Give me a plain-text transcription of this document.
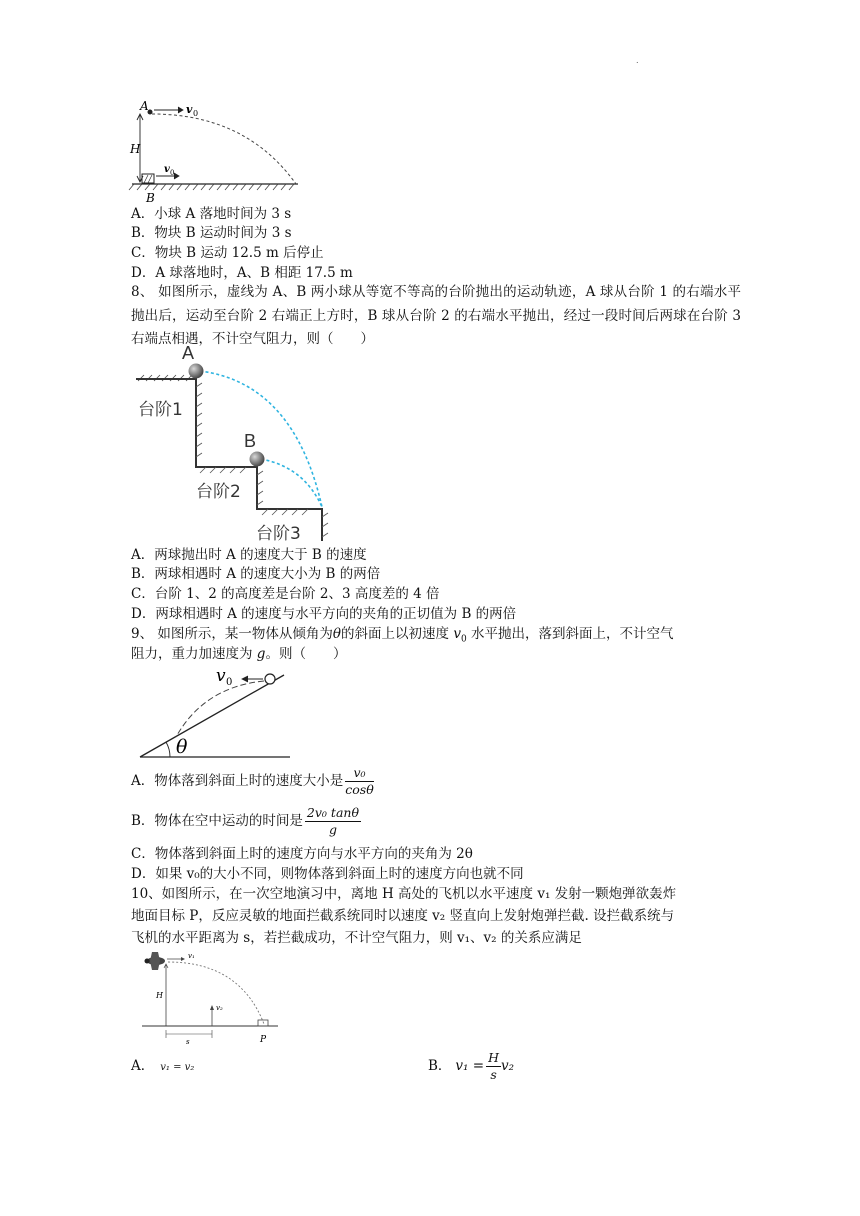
.
A	v 0
H
v 0
B
A．小球 A 落地时间为 3 s
B．物块 B 运动时间为 3 s
C．物块 B 运动 12.5 m 后停止
D．A 球落地时，A、B 相距 17.5 m
8、 如图所示，虚线为 A、B 两小球从等宽不等高的台阶抛出的运动轨迹，A 球从台阶 1 的右端水平抛出后，运动至台阶 2 右端正上方时，B 球从台阶 2 的右端水平抛出，经过一段时间后两球在台阶 3 右端点相遇，不计空气阻力，则（　　）
A
B
台阶1
台阶2
台阶3
A．两球抛出时 A 的速度大于 B 的速度
B．两球相遇时 A 的速度大小为 B 的两倍
C．台阶 1、2 的高度差是台阶 2、3 高度差的 4 倍
D．两球相遇时 A 的速度与水平方向的夹角的正切值为 B 的两倍
9、 如图所示，某一物体从倾角为θ的斜面上以初速度 $v_0$ 水平抛出，落到斜面上，不计空气
阻力，重力加速度为 g。则（　　）
v 0
θ
A．物体落到斜面上时的速度大小是 $\frac{\text{v₀}}{\cos\theta}$
B．物体在空中运动的时间是 $\frac{\text{2v₀ tanθ}}{g}$
C．物体落到斜面上时的速度方向与水平方向的夹角为 2θ
D．如果 v₀的大小不同，则物体落到斜面上时的速度方向也就不同
10、如图所示，在一次空地演习中，离地 H 高处的飞机以水平速度 v₁ 发射一颗炮弹欲轰炸
地面目标 P，反应灵敏的地面拦截系统同时以速度 v₂ 竖直向上发射炮弹拦截. 设拦截系统与
飞机的水平距离为 s，若拦截成功，不计空气阻力，则 v₁、v₂ 的关系应满足
v₁
H
v₂
s	P
A． v₁ = v₂	B． $v_1 = \frac{H}{s} v_2$
